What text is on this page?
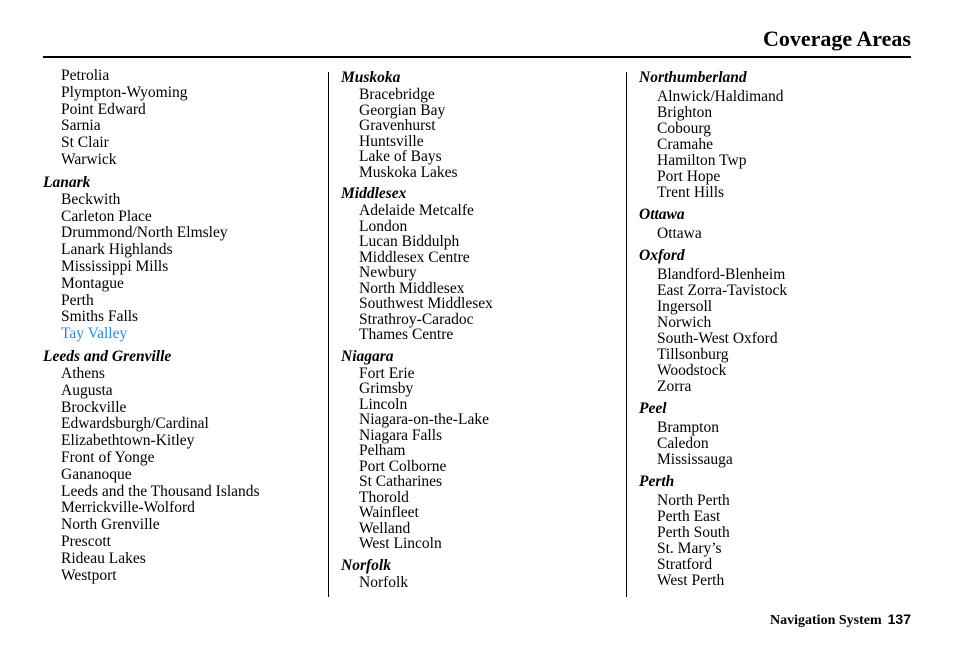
Coverage Areas
Petrolia
Plympton-Wyoming
Point Edward
Sarnia
St Clair
Warwick
Lanark
Beckwith
Carleton Place
Drummond/North Elmsley
Lanark Highlands
Mississippi Mills
Montague
Perth
Smiths Falls
Tay Valley
Leeds and Grenville
Athens
Augusta
Brockville
Edwardsburgh/Cardinal
Elizabethtown-Kitley
Front of Yonge
Gananoque
Leeds and the Thousand Islands
Merrickville-Wolford
North Grenville
Prescott
Rideau Lakes
Westport
Muskoka
Bracebridge
Georgian Bay
Gravenhurst
Huntsville
Lake of Bays
Muskoka Lakes
Middlesex
Adelaide Metcalfe
London
Lucan Biddulph
Middlesex Centre
Newbury
North Middlesex
Southwest Middlesex
Strathroy-Caradoc
Thames Centre
Niagara
Fort Erie
Grimsby
Lincoln
Niagara-on-the-Lake
Niagara Falls
Pelham
Port Colborne
St Catharines
Thorold
Wainfleet
Welland
West Lincoln
Norfolk
Norfolk
Northumberland
Alnwick/Haldimand
Brighton
Cobourg
Cramahe
Hamilton Twp
Port Hope
Trent Hills
Ottawa
Ottawa
Oxford
Blandford-Blenheim
East Zorra-Tavistock
Ingersoll
Norwich
South-West Oxford
Tillsonburg
Woodstock
Zorra
Peel
Brampton
Caledon
Mississauga
Perth
North Perth
Perth East
Perth South
St. Mary’s
Stratford
West Perth
Navigation System 137
